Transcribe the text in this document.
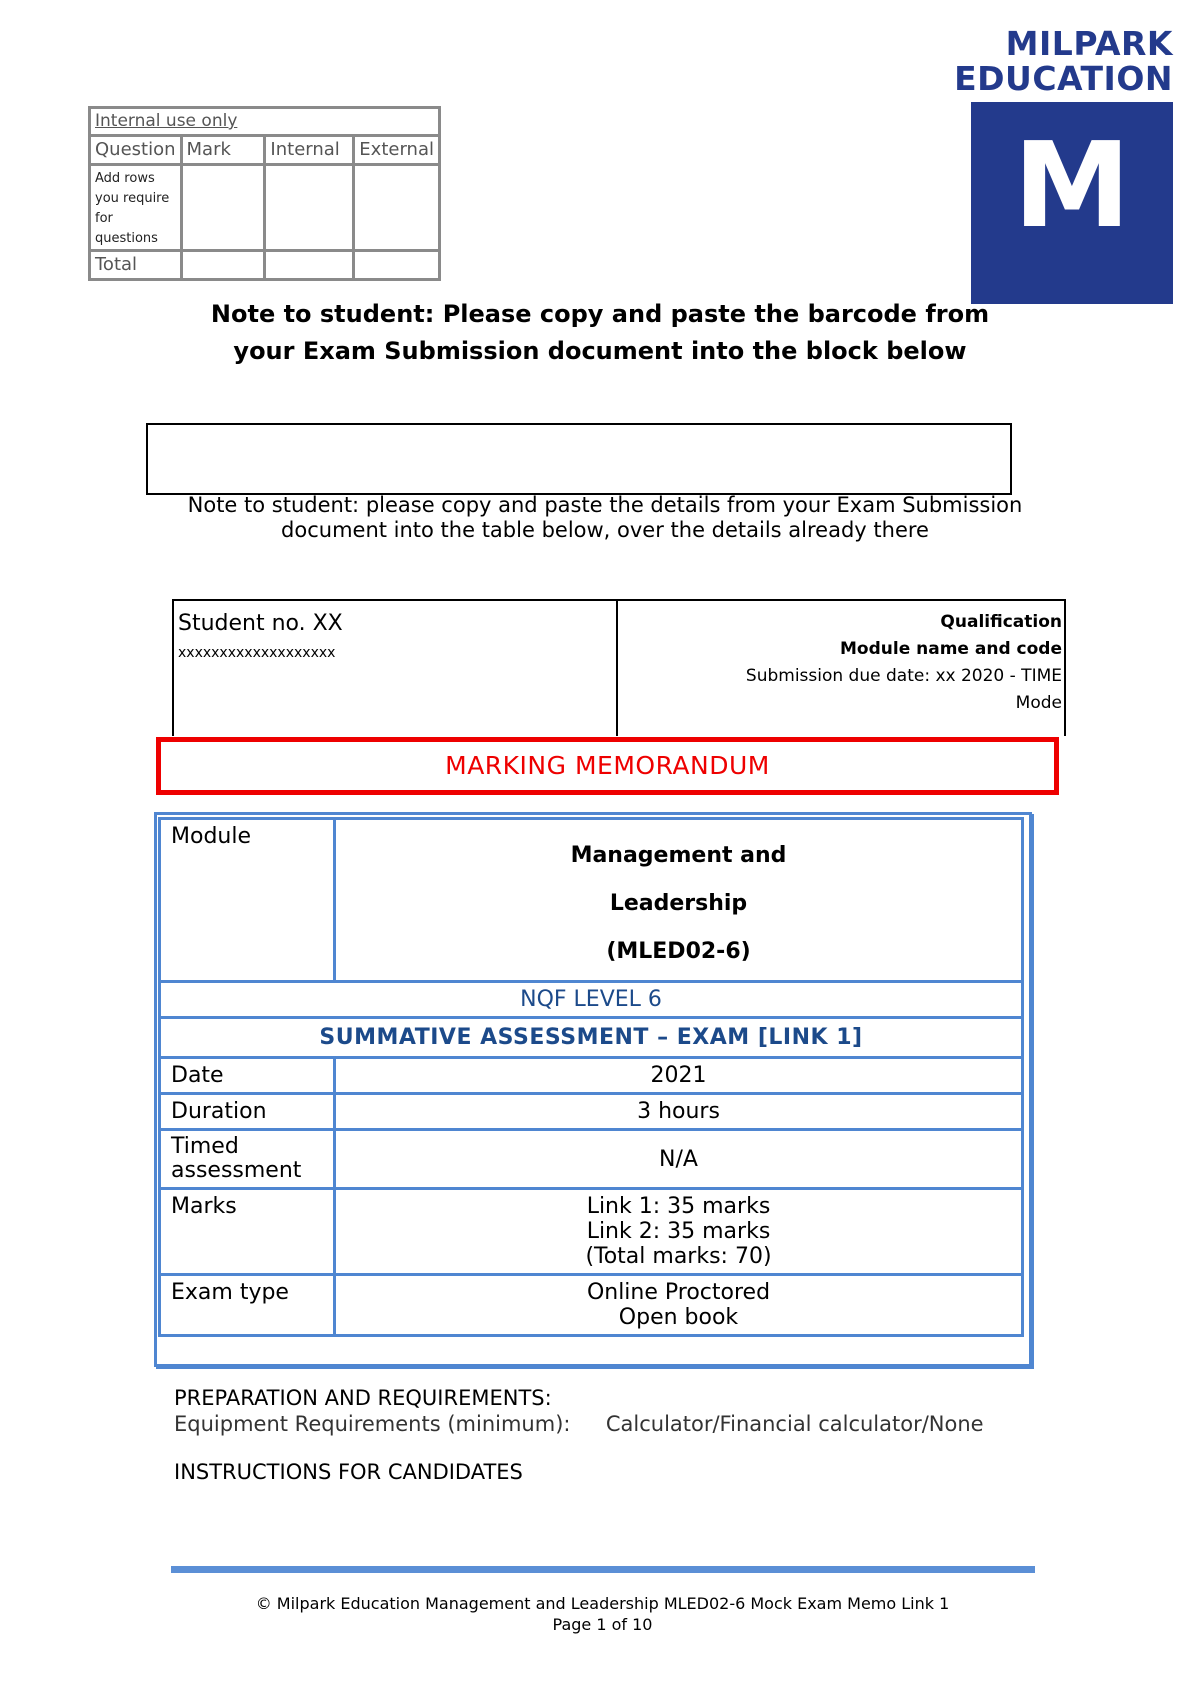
Internal use only			
Question	Mark	Internal	External
Add rows you require for questions			
Total			
MILPARK
EDUCATION
M
Note to student: Please copy and paste the barcode from your Exam Submission document into the block below
Note to student: please copy and paste the details from your Exam Submission document into the table below, over the details already there
Student no. XX
xxxxxxxxxxxxxxxxxxx
Qualification
Module name and code
Submission due date: xx 2020 - TIME
Mode
MARKING MEMORANDUM
Module	Management and
Leadership
(MLED02-6)

NQF LEVEL 6	
SUMMATIVE ASSESSMENT – EXAM [LINK 1]	
Date	2021
Duration	3 hours

Timed
assessment	N/A
Marks	Link 1: 35 marks
Link 2: 35 marks
(Total marks: 70)

Exam type	Online Proctored
Open book
PREPARATION AND REQUIREMENTS:
Equipment Requirements (minimum): Calculator/Financial calculator/None
INSTRUCTIONS FOR CANDIDATES
© Milpark Education Management and Leadership MLED02-6 Mock Exam Memo Link 1
Page 1 of 10
